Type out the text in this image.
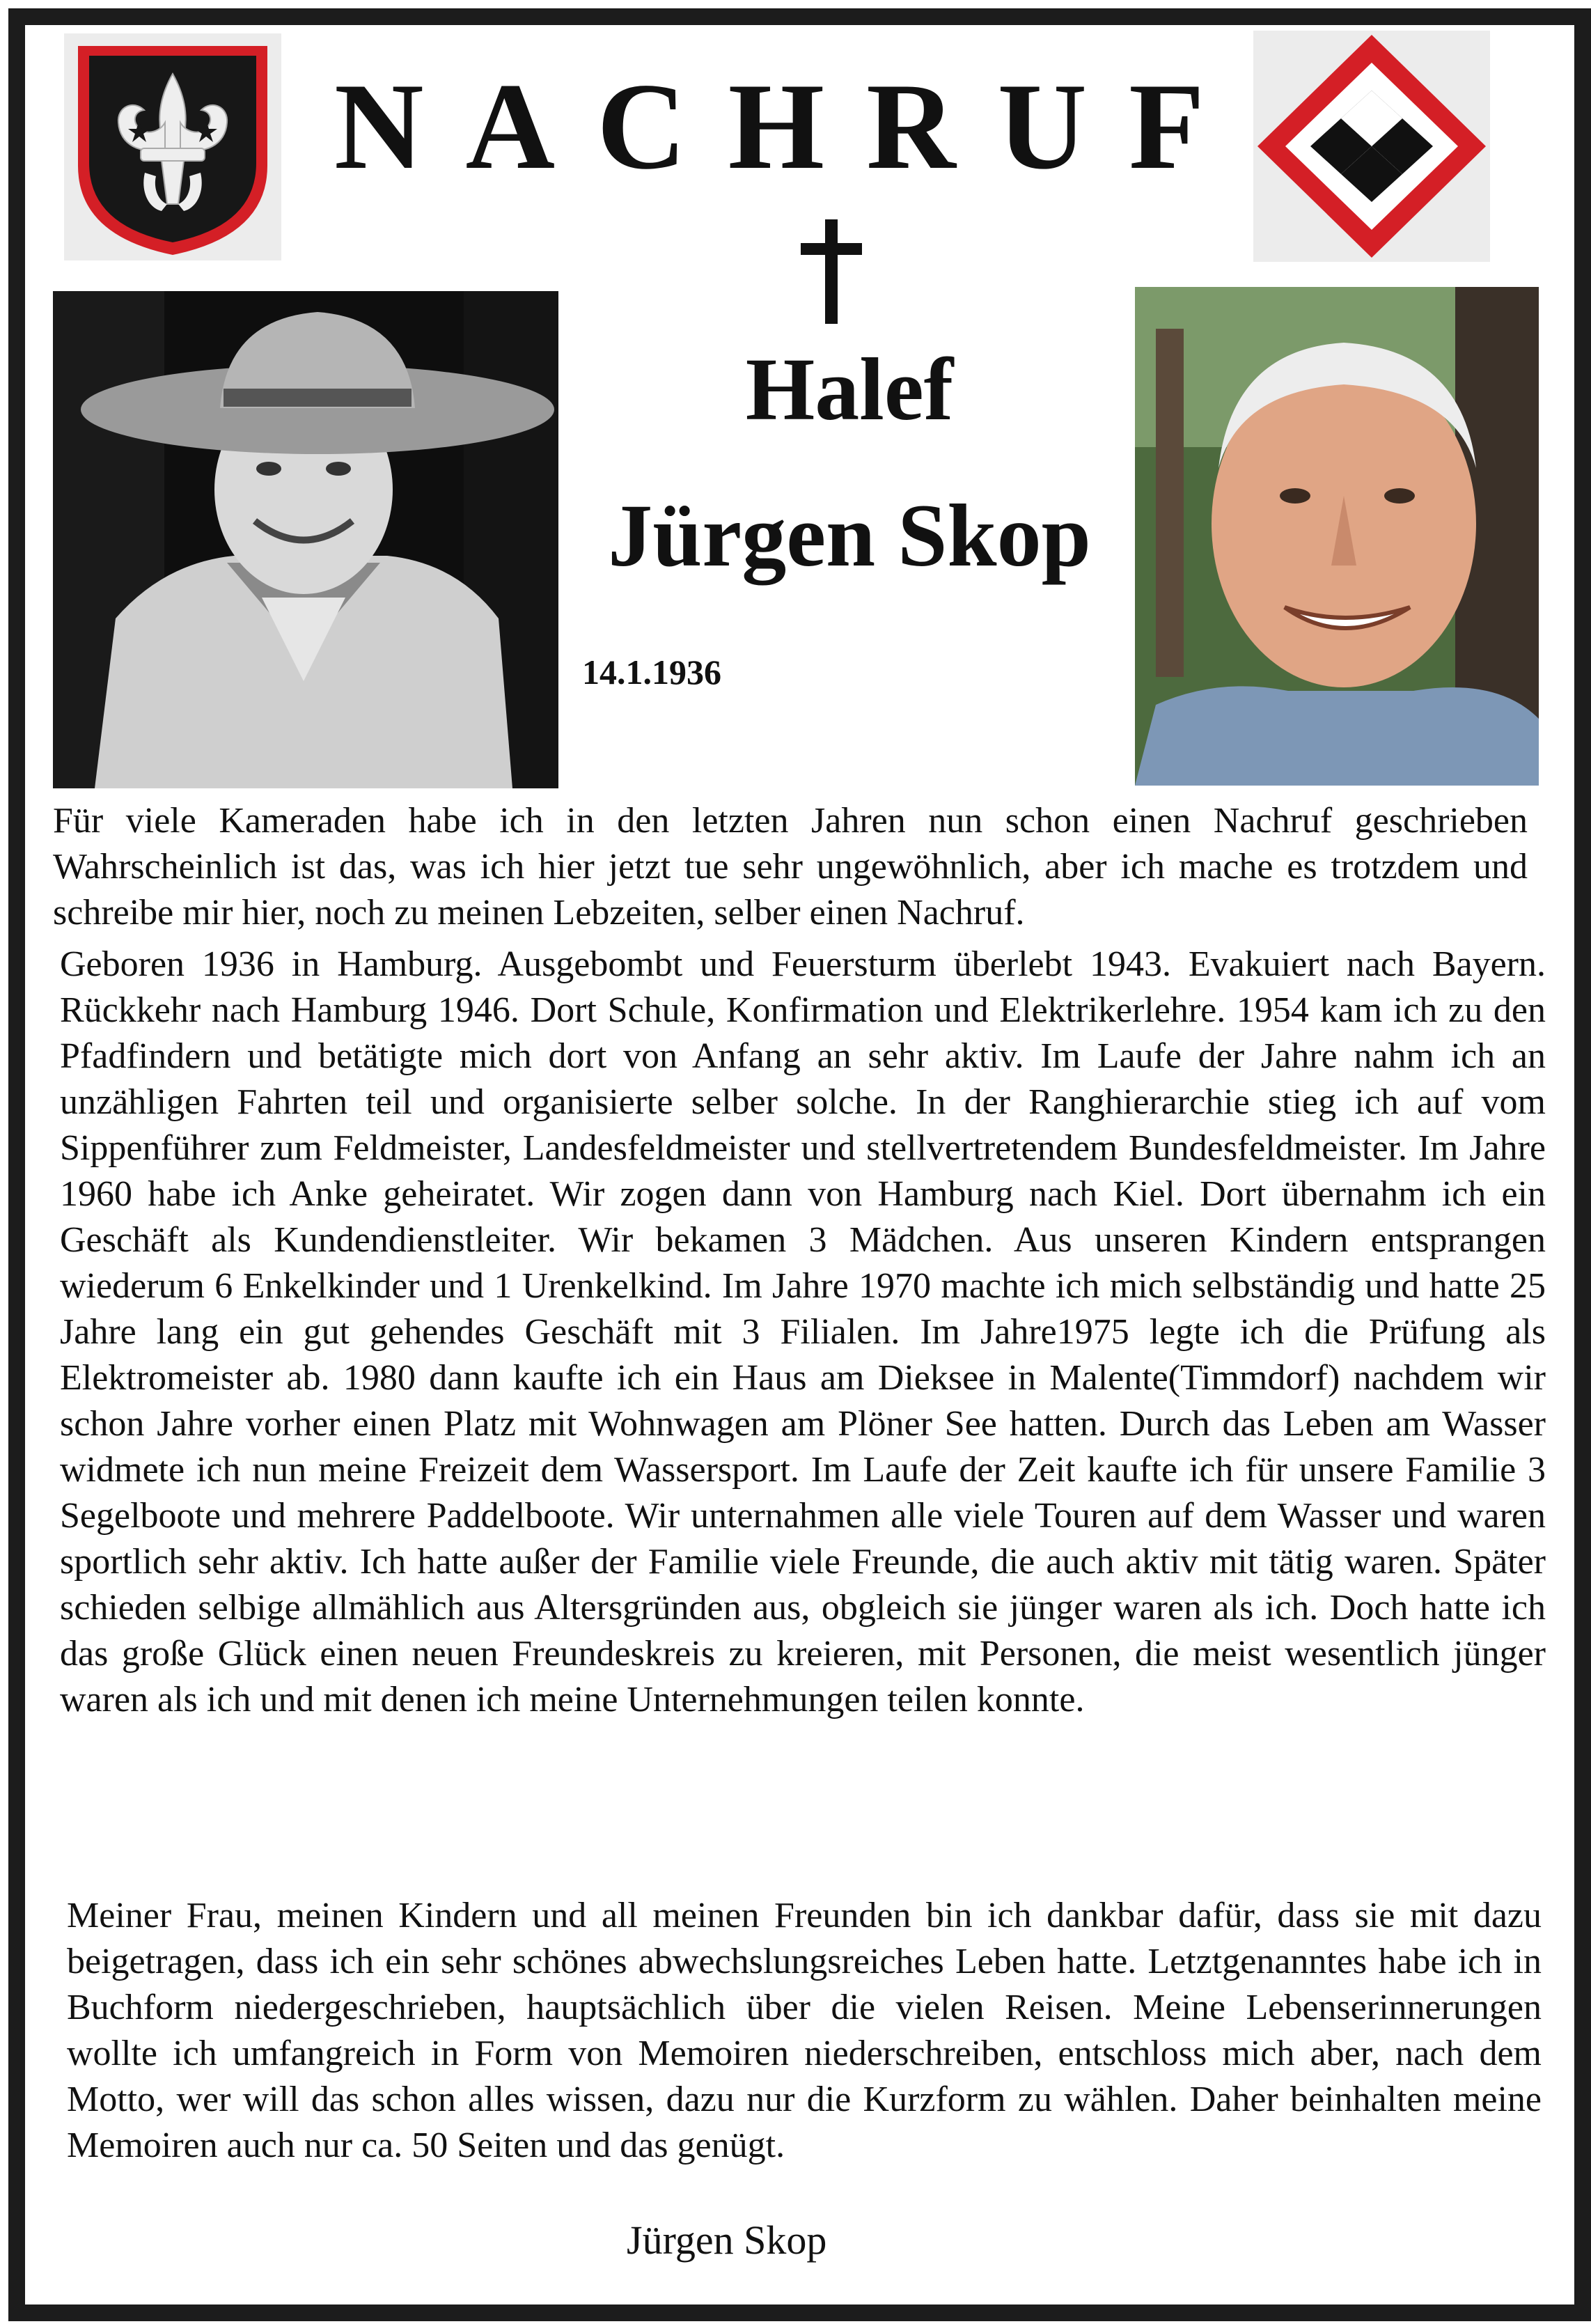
NACHRUF
Halef
Jürgen Skop
14.1.1936

Für viele Kameraden habe ich in den letzten Jahren nun schon einen Nachruf geschrieben Wahrscheinlich ist das, was ich hier jetzt tue sehr ungewöhnlich, aber ich mache es trotzdem und schreibe mir hier, noch zu meinen Lebzeiten, selber einen Nachruf.

Geboren 1936 in Hamburg. Ausgebombt und Feuersturm überlebt 1943. Evakuiert nach Bayern. Rückkehr nach Hamburg 1946. Dort Schule, Konfirmation und Elektrikerlehre. 1954 kam ich zu den Pfadfindern und betätigte mich dort von Anfang an sehr aktiv. Im Laufe der Jahre nahm ich an unzähligen Fahrten teil und organisierte selber solche. In der Ranghierarchie stieg ich auf vom Sippenführer zum Feldmeister, Landesfeldmeister und stellvertretendem Bundesfeldmeister. Im Jahre 1960 habe ich Anke geheiratet. Wir zogen dann von Hamburg nach Kiel. Dort übernahm ich ein Geschäft als Kundendienstleiter. Wir bekamen 3 Mädchen. Aus unseren Kindern entsprangen wiederum 6 Enkelkinder und 1 Urenkelkind. Im Jahre 1970 machte ich mich selbständig und hatte 25 Jahre lang ein gut gehendes Geschäft mit 3 Filialen. Im Jahre1975 legte ich die Prüfung als Elektromeister ab. 1980 dann kaufte ich ein Haus am Dieksee in Malente(Timmdorf) nachdem wir schon Jahre vorher einen Platz mit Wohnwagen am Plöner See hatten. Durch das Leben am Wasser widmete ich nun meine Freizeit dem Wassersport. Im Laufe der Zeit kaufte ich für unsere Familie 3 Segelboote und mehrere Paddelboote. Wir unternahmen alle viele Touren auf dem Wasser und waren sportlich sehr aktiv. Ich hatte außer der Familie viele Freunde, die auch aktiv mit tätig waren. Später schieden selbige allmählich aus Altersgründen aus, obgleich sie jünger waren als ich. Doch hatte ich das große Glück einen neuen Freundeskreis zu kreieren, mit Personen, die meist wesentlich jünger waren als ich und mit denen ich meine Unternehmungen teilen konnte.

Meiner Frau, meinen Kindern und all meinen Freunden bin ich dankbar dafür, dass sie mit dazu beigetragen, dass ich ein sehr schönes abwechslungsreiches Leben hatte. Letztgenanntes habe ich in Buchform niedergeschrieben, hauptsächlich über die vielen Reisen. Meine Lebenserinnerungen wollte ich umfangreich in Form von Memoiren niederschreiben, entschloss mich aber, nach dem Motto, wer will das schon alles wissen, dazu nur die Kurzform zu wählen. Daher beinhalten meine Memoiren auch nur ca. 50 Seiten und das genügt.

Jürgen Skop
